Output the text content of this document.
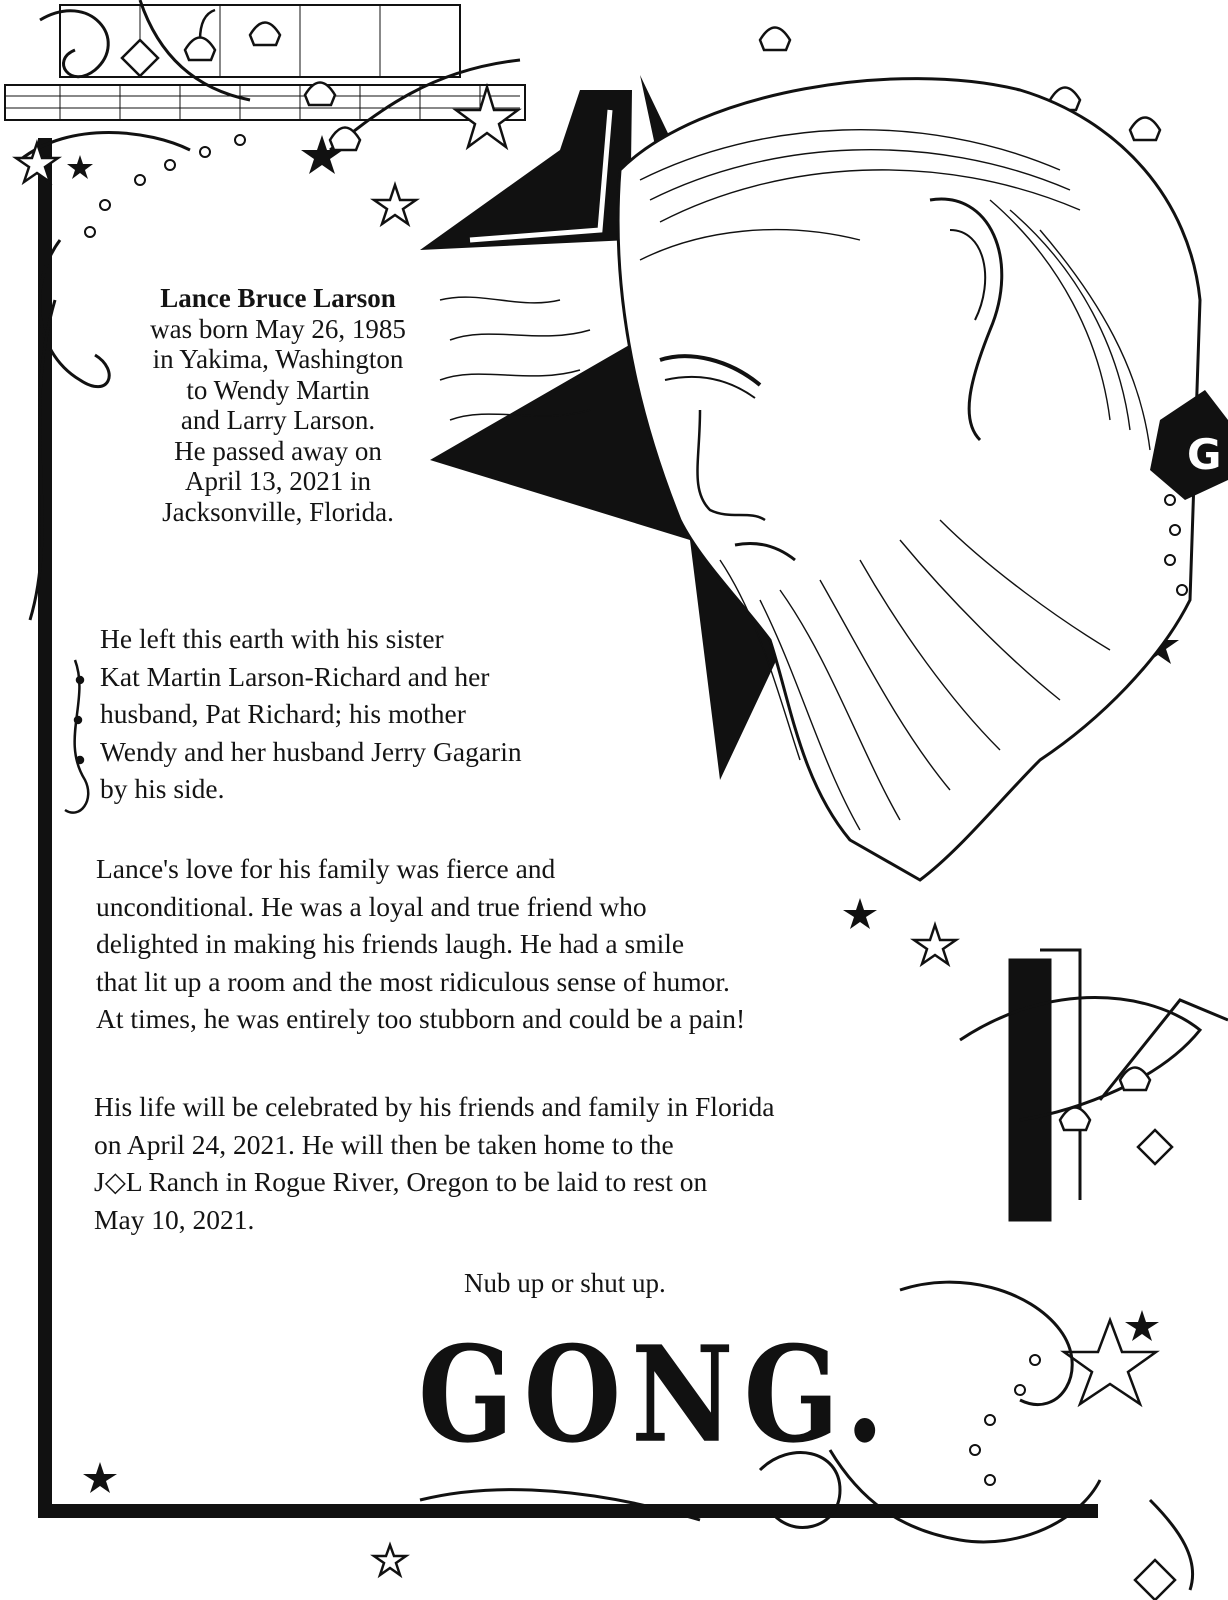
G
Lance Bruce Larson
was born May 26, 1985
in Yakima, Washington
to Wendy Martin
and Larry Larson.
He passed away on
April 13, 2021 in
Jacksonville, Florida.
He left this earth with his sister
Kat Martin Larson-Richard and her
husband, Pat Richard; his mother
Wendy and her husband Jerry Gagarin
by his side.
Lance's love for his family was fierce and
unconditional. He was a loyal and true friend who
delighted in making his friends laugh. He had a smile
that lit up a room and the most ridiculous sense of humor.
At times, he was entirely too stubborn and could be a pain!
His life will be celebrated by his friends and family in Florida
on April 24, 2021. He will then be taken home to the
J◇L Ranch in Rogue River, Oregon to be laid to rest on
May 10, 2021.
Nub up or shut up.
GONG.
